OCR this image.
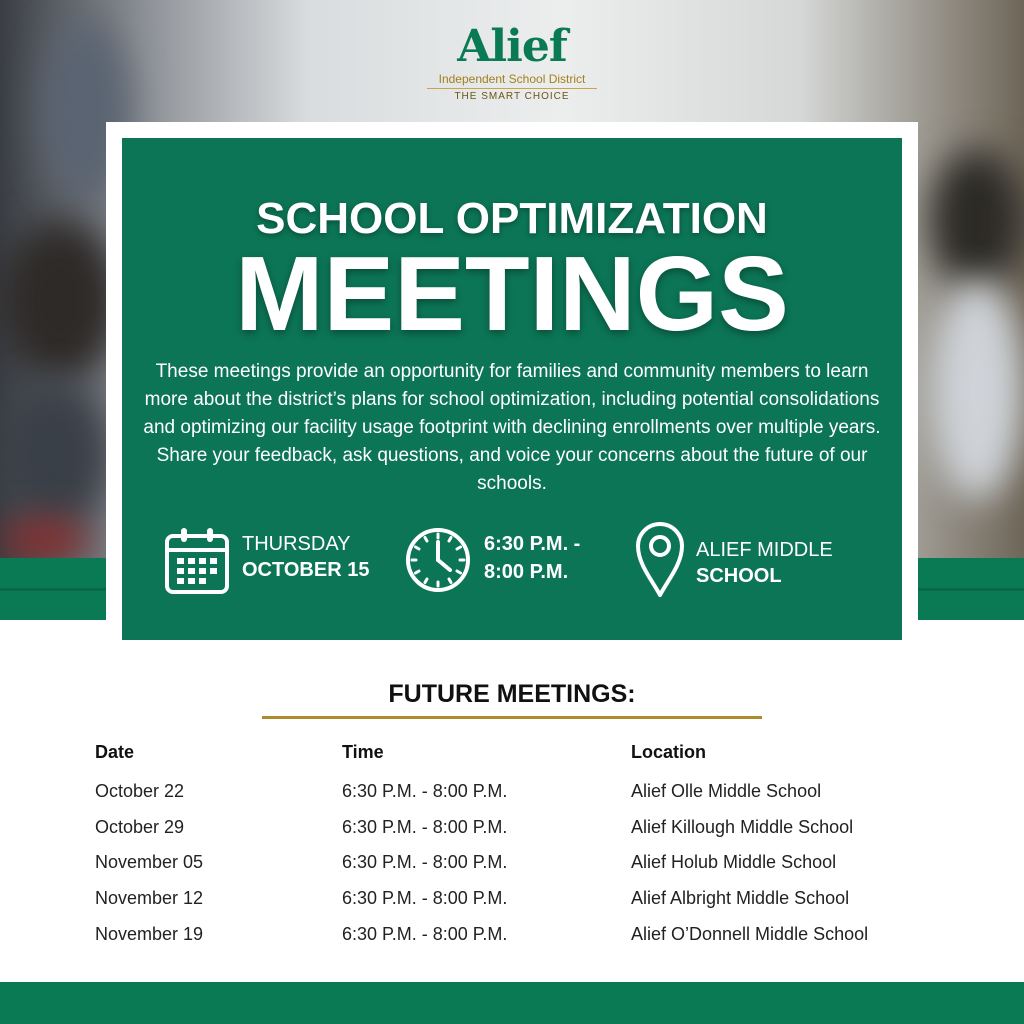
Alief
Independent School District
THE SMART CHOICE
SCHOOL OPTIMIZATION
MEETINGS
These meetings provide an opportunity for families and community members to learn more about the district’s plans for school optimization, including potential consolidations and optimizing our facility usage footprint with declining enrollments over multiple years. Share your feedback, ask questions, and voice your concerns about the future of our schools.
THURSDAY
OCTOBER 15
6:30 P.M. -
8:00 P.M.
ALIEF MIDDLE
SCHOOL
FUTURE MEETINGS:
Date	Time	Location
October 22	6:30 P.M. - 8:00 P.M.	Alief Olle Middle School
October 29	6:30 P.M. - 8:00 P.M.	Alief Killough Middle School
November 05	6:30 P.M. - 8:00 P.M.	Alief Holub Middle School
November 12	6:30 P.M. - 8:00 P.M.	Alief Albright Middle School
November 19	6:30 P.M. - 8:00 P.M.	Alief O’Donnell Middle School
